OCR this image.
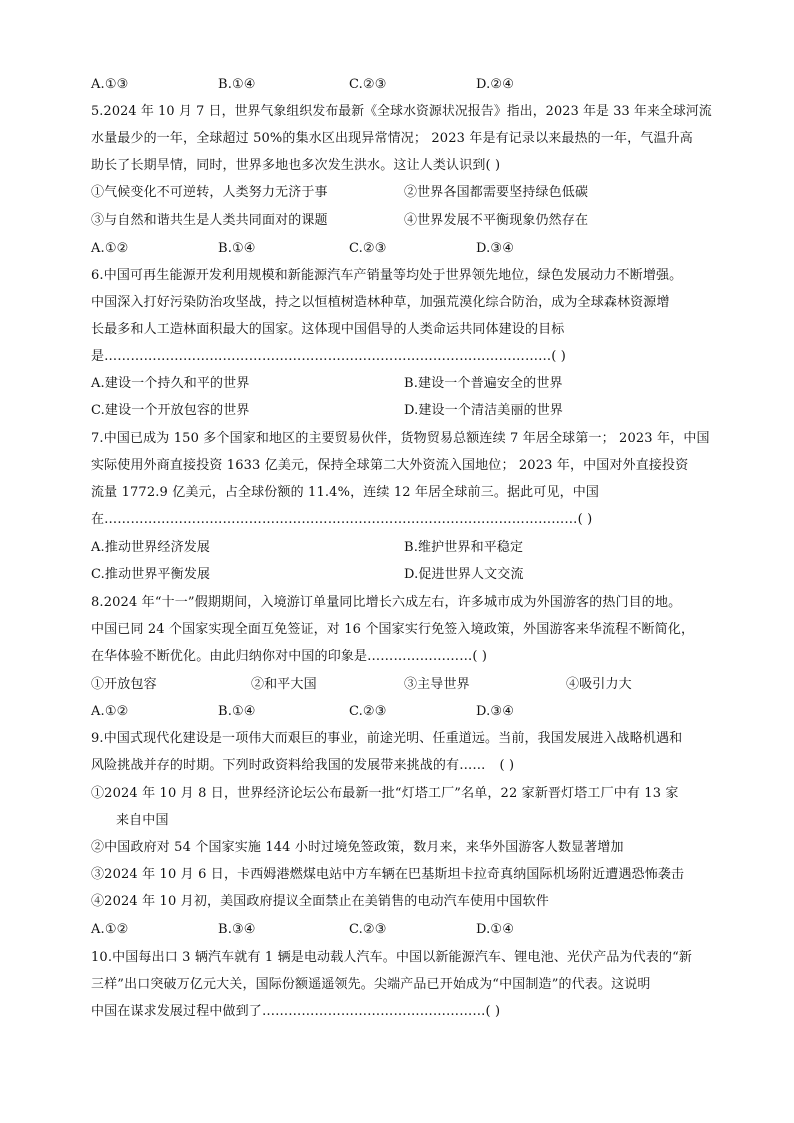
A.①③	B.①④	C.②③	D.②④
5.2024 年 10 月 7 日，世界气象组织发布最新《全球水资源状况报告》指出，2023 年是 33 年来全球河流
水量最少的一年，全球超过 50%的集水区出现异常情况； 2023 年是有记录以来最热的一年，气温升高
助长了长期旱情，同时，世界多地也多次发生洪水。这让人类认识到( )
①气候变化不可逆转，人类努力无济于事	②世界各国都需要坚持绿色低碳
③与自然和谐共生是人类共同面对的课题	④世界发展不平衡现象仍然存在
A.①②	B.①④	C.②③	D.③④
6.中国可再生能源开发利用规模和新能源汽车产销量等均处于世界领先地位，绿色发展动力不断增强。
中国深入打好污染防治攻坚战，持之以恒植树造林种草，加强荒漠化综合防治，成为全球森林资源增
长最多和人工造林面积最大的国家。这体现中国倡导的人类命运共同体建设的目标
是…………………………………………………………………………………………( )
A.建设一个持久和平的世界	B.建设一个普遍安全的世界
C.建设一个开放包容的世界	D.建设一个清洁美丽的世界
7.中国已成为 150 多个国家和地区的主要贸易伙伴，货物贸易总额连续 7 年居全球第一； 2023 年，中国
实际使用外商直接投资 1633 亿美元，保持全球第二大外资流入国地位； 2023 年，中国对外直接投资
流量 1772.9 亿美元，占全球份额的 11.4%，连续 12 年居全球前三。据此可见，中国
在………………………………………………………………………………………………( )
A.推动世界经济发展	B.维护世界和平稳定
C.推动世界平衡发展	D.促进世界人文交流
8.2024 年“十一”假期期间，入境游订单量同比增长六成左右，许多城市成为外国游客的热门目的地。
中国已同 24 个国家实现全面互免签证，对 16 个国家实行免签入境政策，外国游客来华流程不断简化，
在华体验不断优化。由此归纳你对中国的印象是……………………( )
①开放包容	②和平大国	③主导世界	④吸引力大
A.①②	B.①④	C.②③	D.③④
9.中国式现代化建设是一项伟大而艰巨的事业，前途光明、任重道远。当前，我国发展进入战略机遇和
风险挑战并存的时期。下列时政资料给我国的发展带来挑战的有…… ( )
①2024 年 10 月 8 日，世界经济论坛公布最新一批“灯塔工厂”名单，22 家新晋灯塔工厂中有 13 家
来自中国
②中国政府对 54 个国家实施 144 小时过境免签政策，数月来，来华外国游客人数显著增加
③2024 年 10 月 6 日，卡西姆港燃煤电站中方车辆在巴基斯坦卡拉奇真纳国际机场附近遭遇恐怖袭击
④2024 年 10 月初，美国政府提议全面禁止在美销售的电动汽车使用中国软件
A.①②	B.③④	C.②③	D.①④
10.中国每出口 3 辆汽车就有 1 辆是电动载人汽车。中国以新能源汽车、锂电池、光伏产品为代表的“新
三样”出口突破万亿元大关，国际份额遥遥领先。尖端产品已开始成为“中国制造”的代表。这说明
中国在谋求发展过程中做到了……………………………………………( )
